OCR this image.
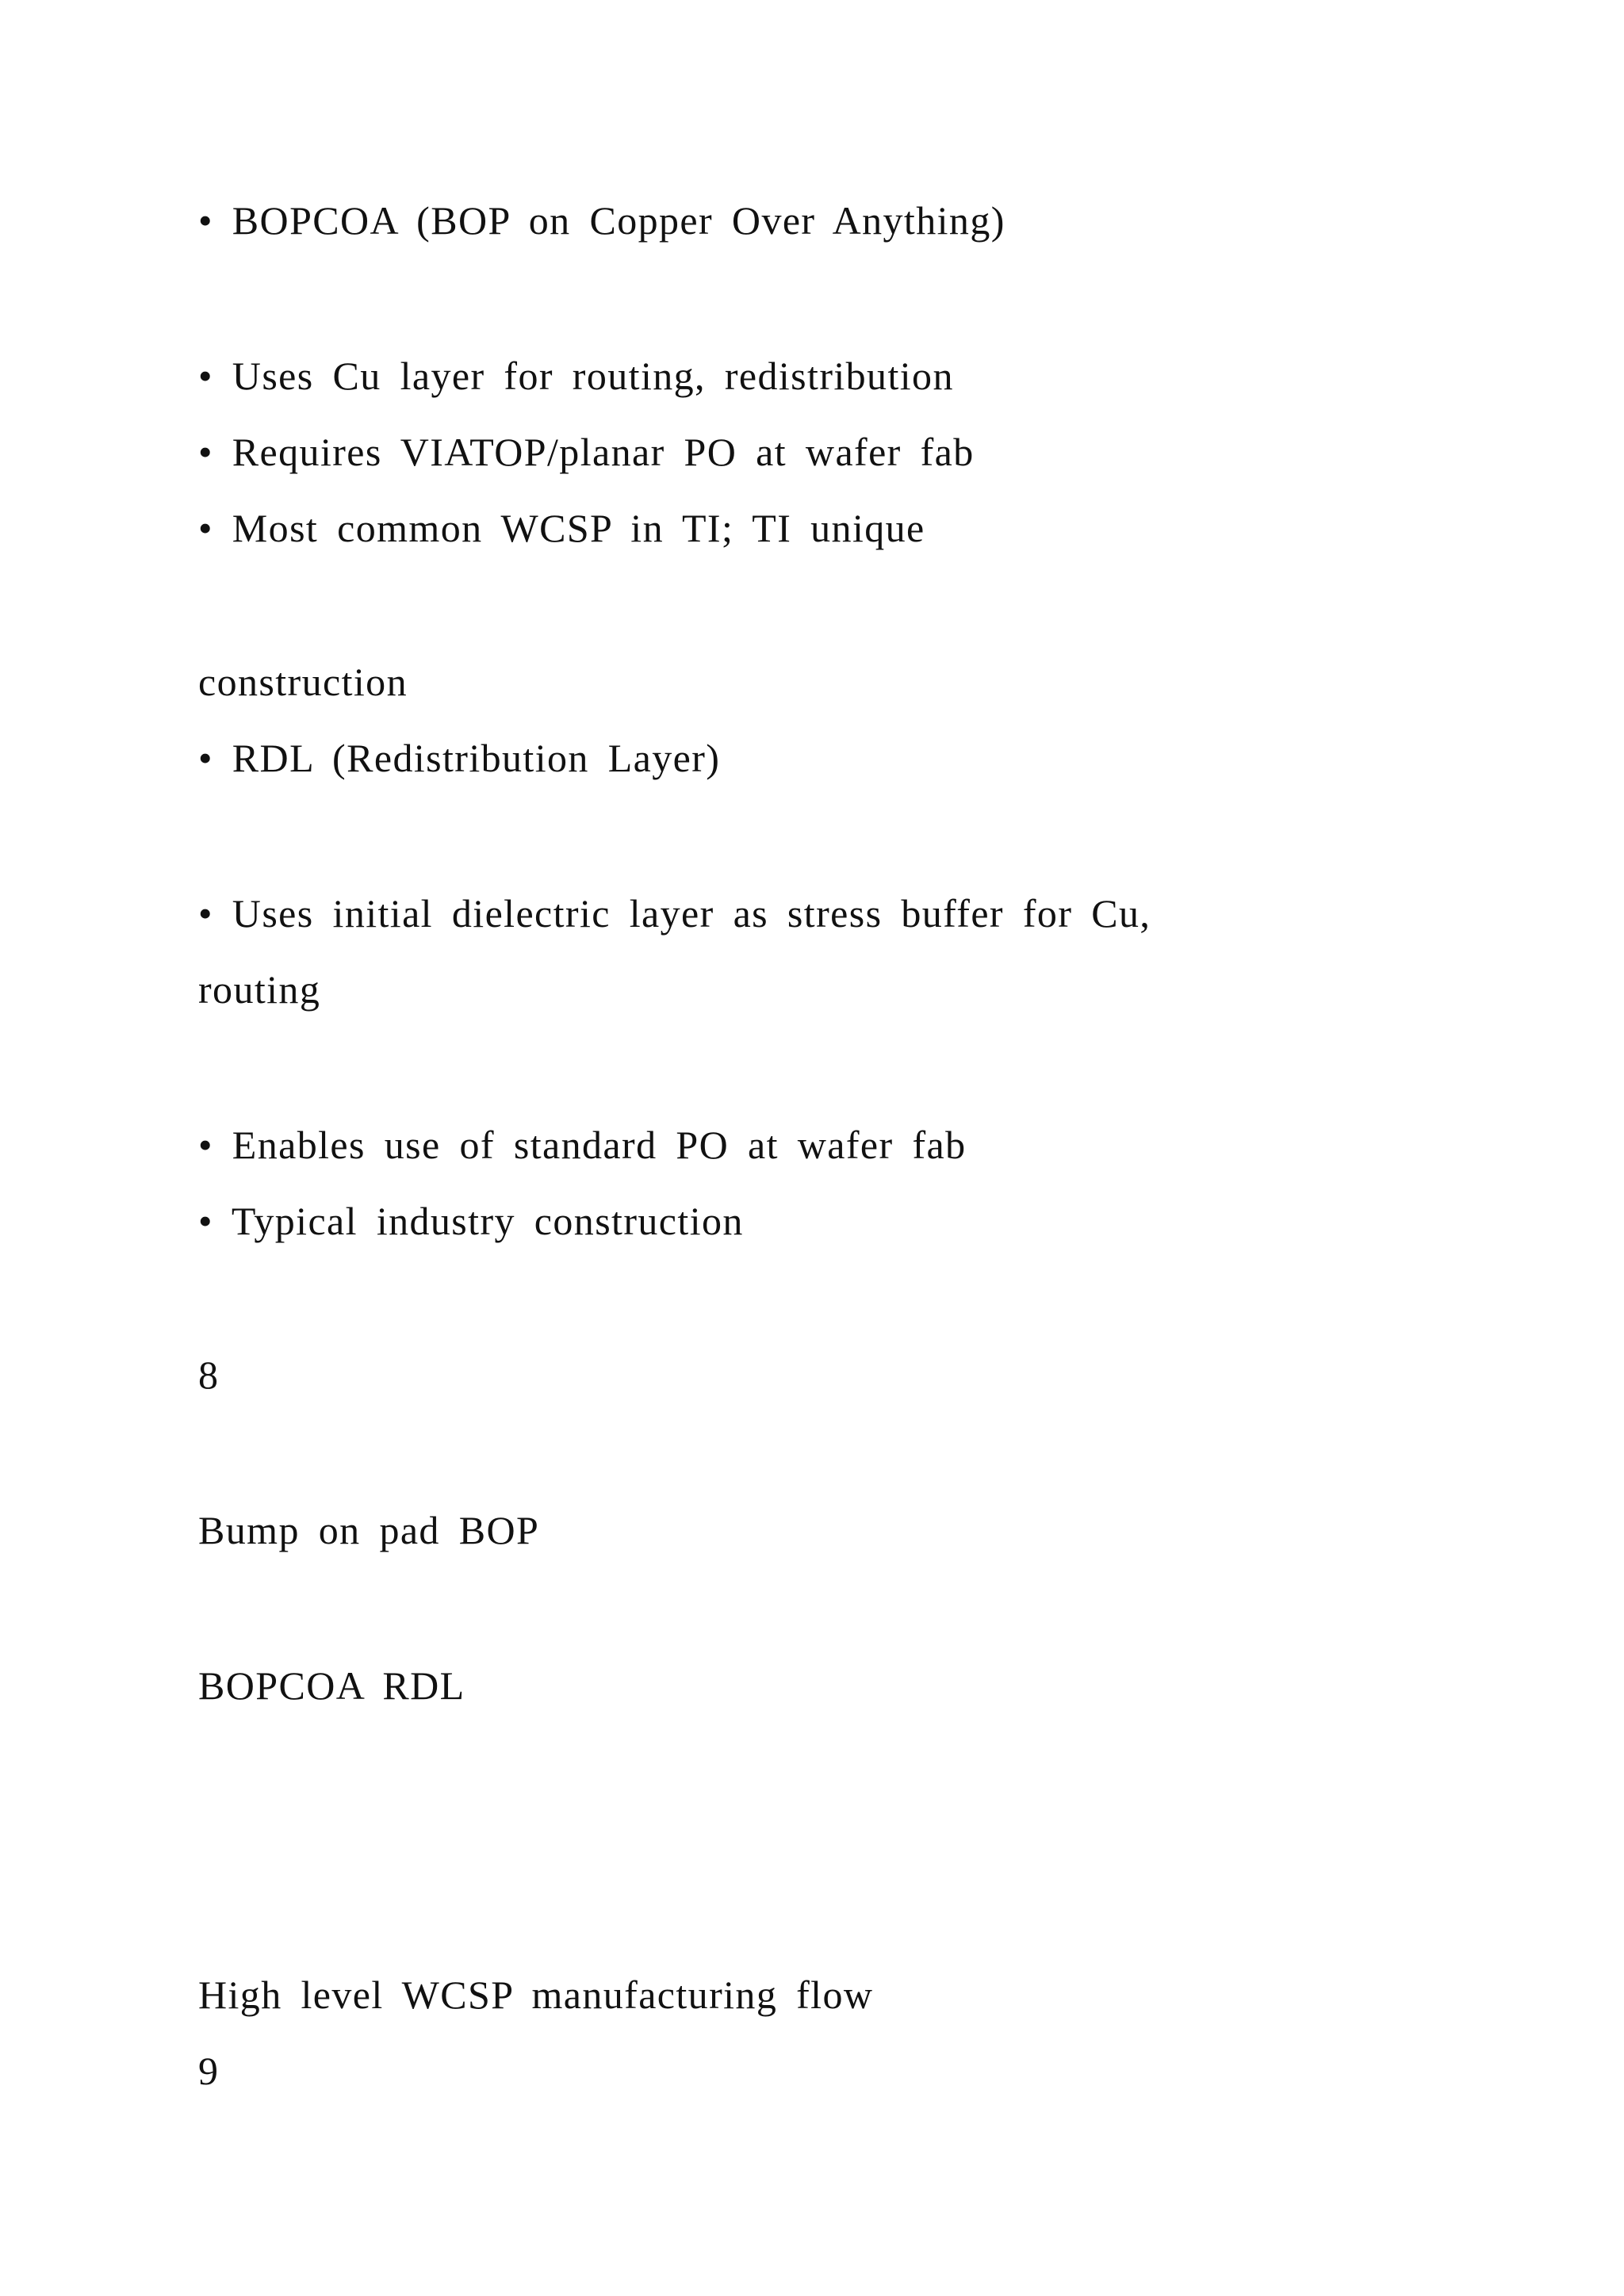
• BOPCOA (BOP on Copper Over Anything)
• Uses Cu layer for routing, redistribution
• Requires VIATOP/planar PO at wafer fab
• Most common WCSP in TI; TI unique
construction
• RDL (Redistribution Layer)
• Uses initial dielectric layer as stress buffer for Cu,
routing
• Enables use of standard PO at wafer fab
• Typical industry construction
8
Bump on pad BOP
BOPCOA RDL
High level WCSP manufacturing flow
9
